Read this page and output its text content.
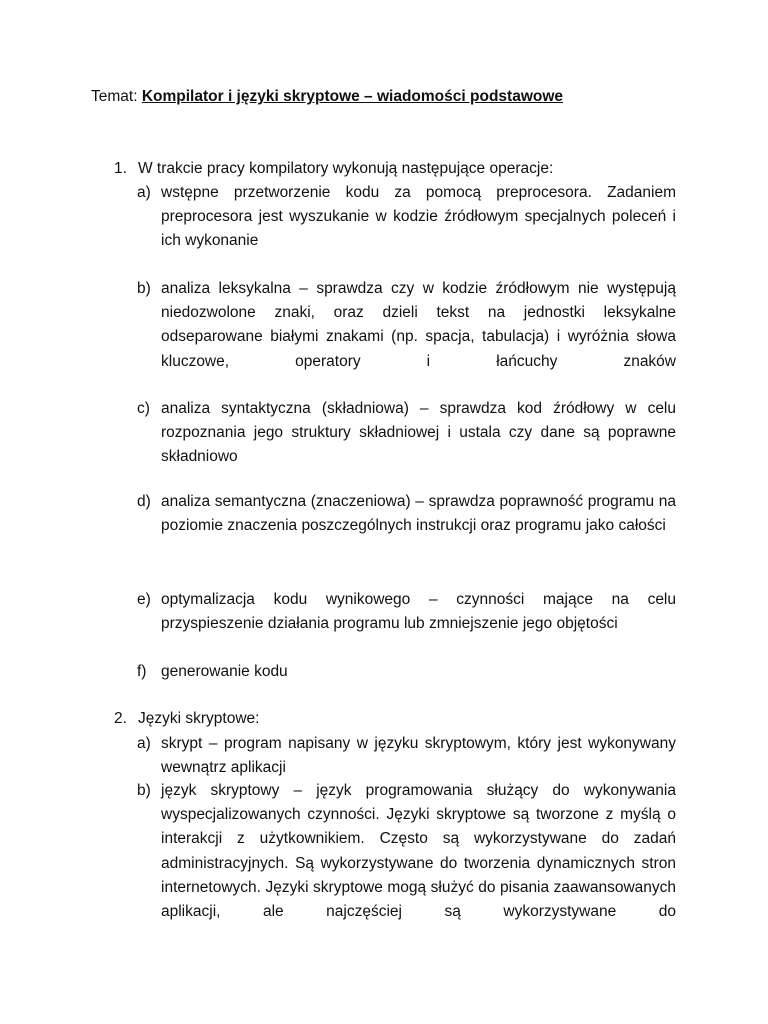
Temat: Kompilator i języki skryptowe – wiadomości podstawowe
1. W trakcie pracy kompilatory wykonują następujące operacje:
a) wstępne przetworzenie kodu za pomocą preprocesora. Zadaniem preprocesora jest wyszukanie w kodzie źródłowym specjalnych poleceń i ich wykonanie
b) analiza leksykalna – sprawdza czy w kodzie źródłowym nie występują niedozwolone znaki, oraz dzieli tekst na jednostki leksykalne odseparowane białymi znakami (np. spacja, tabulacja) i wyróżnia słowa kluczowe, operatory i łańcuchy znaków
c) analiza syntaktyczna (składniowa) – sprawdza kod źródłowy w celu rozpoznania jego struktury składniowej i ustala czy dane są poprawne składniowo
d) analiza semantyczna (znaczeniowa) – sprawdza poprawność programu na poziomie znaczenia poszczególnych instrukcji oraz programu jako całości
e) optymalizacja kodu wynikowego – czynności mające na celu przyspieszenie działania programu lub zmniejszenie jego objętości
f) generowanie kodu
2. Języki skryptowe:
a) skrypt – program napisany w języku skryptowym, który jest wykonywany wewnątrz aplikacji
b) język skryptowy – język programowania służący do wykonywania wyspecjalizowanych czynności. Języki skryptowe są tworzone z myślą o interakcji z użytkownikiem. Często są wykorzystywane do zadań administracyjnych. Są wykorzystywane do tworzenia dynamicznych stron internetowych. Języki skryptowe mogą służyć do pisania zaawansowanych aplikacji, ale najczęściej są wykorzystywane do
